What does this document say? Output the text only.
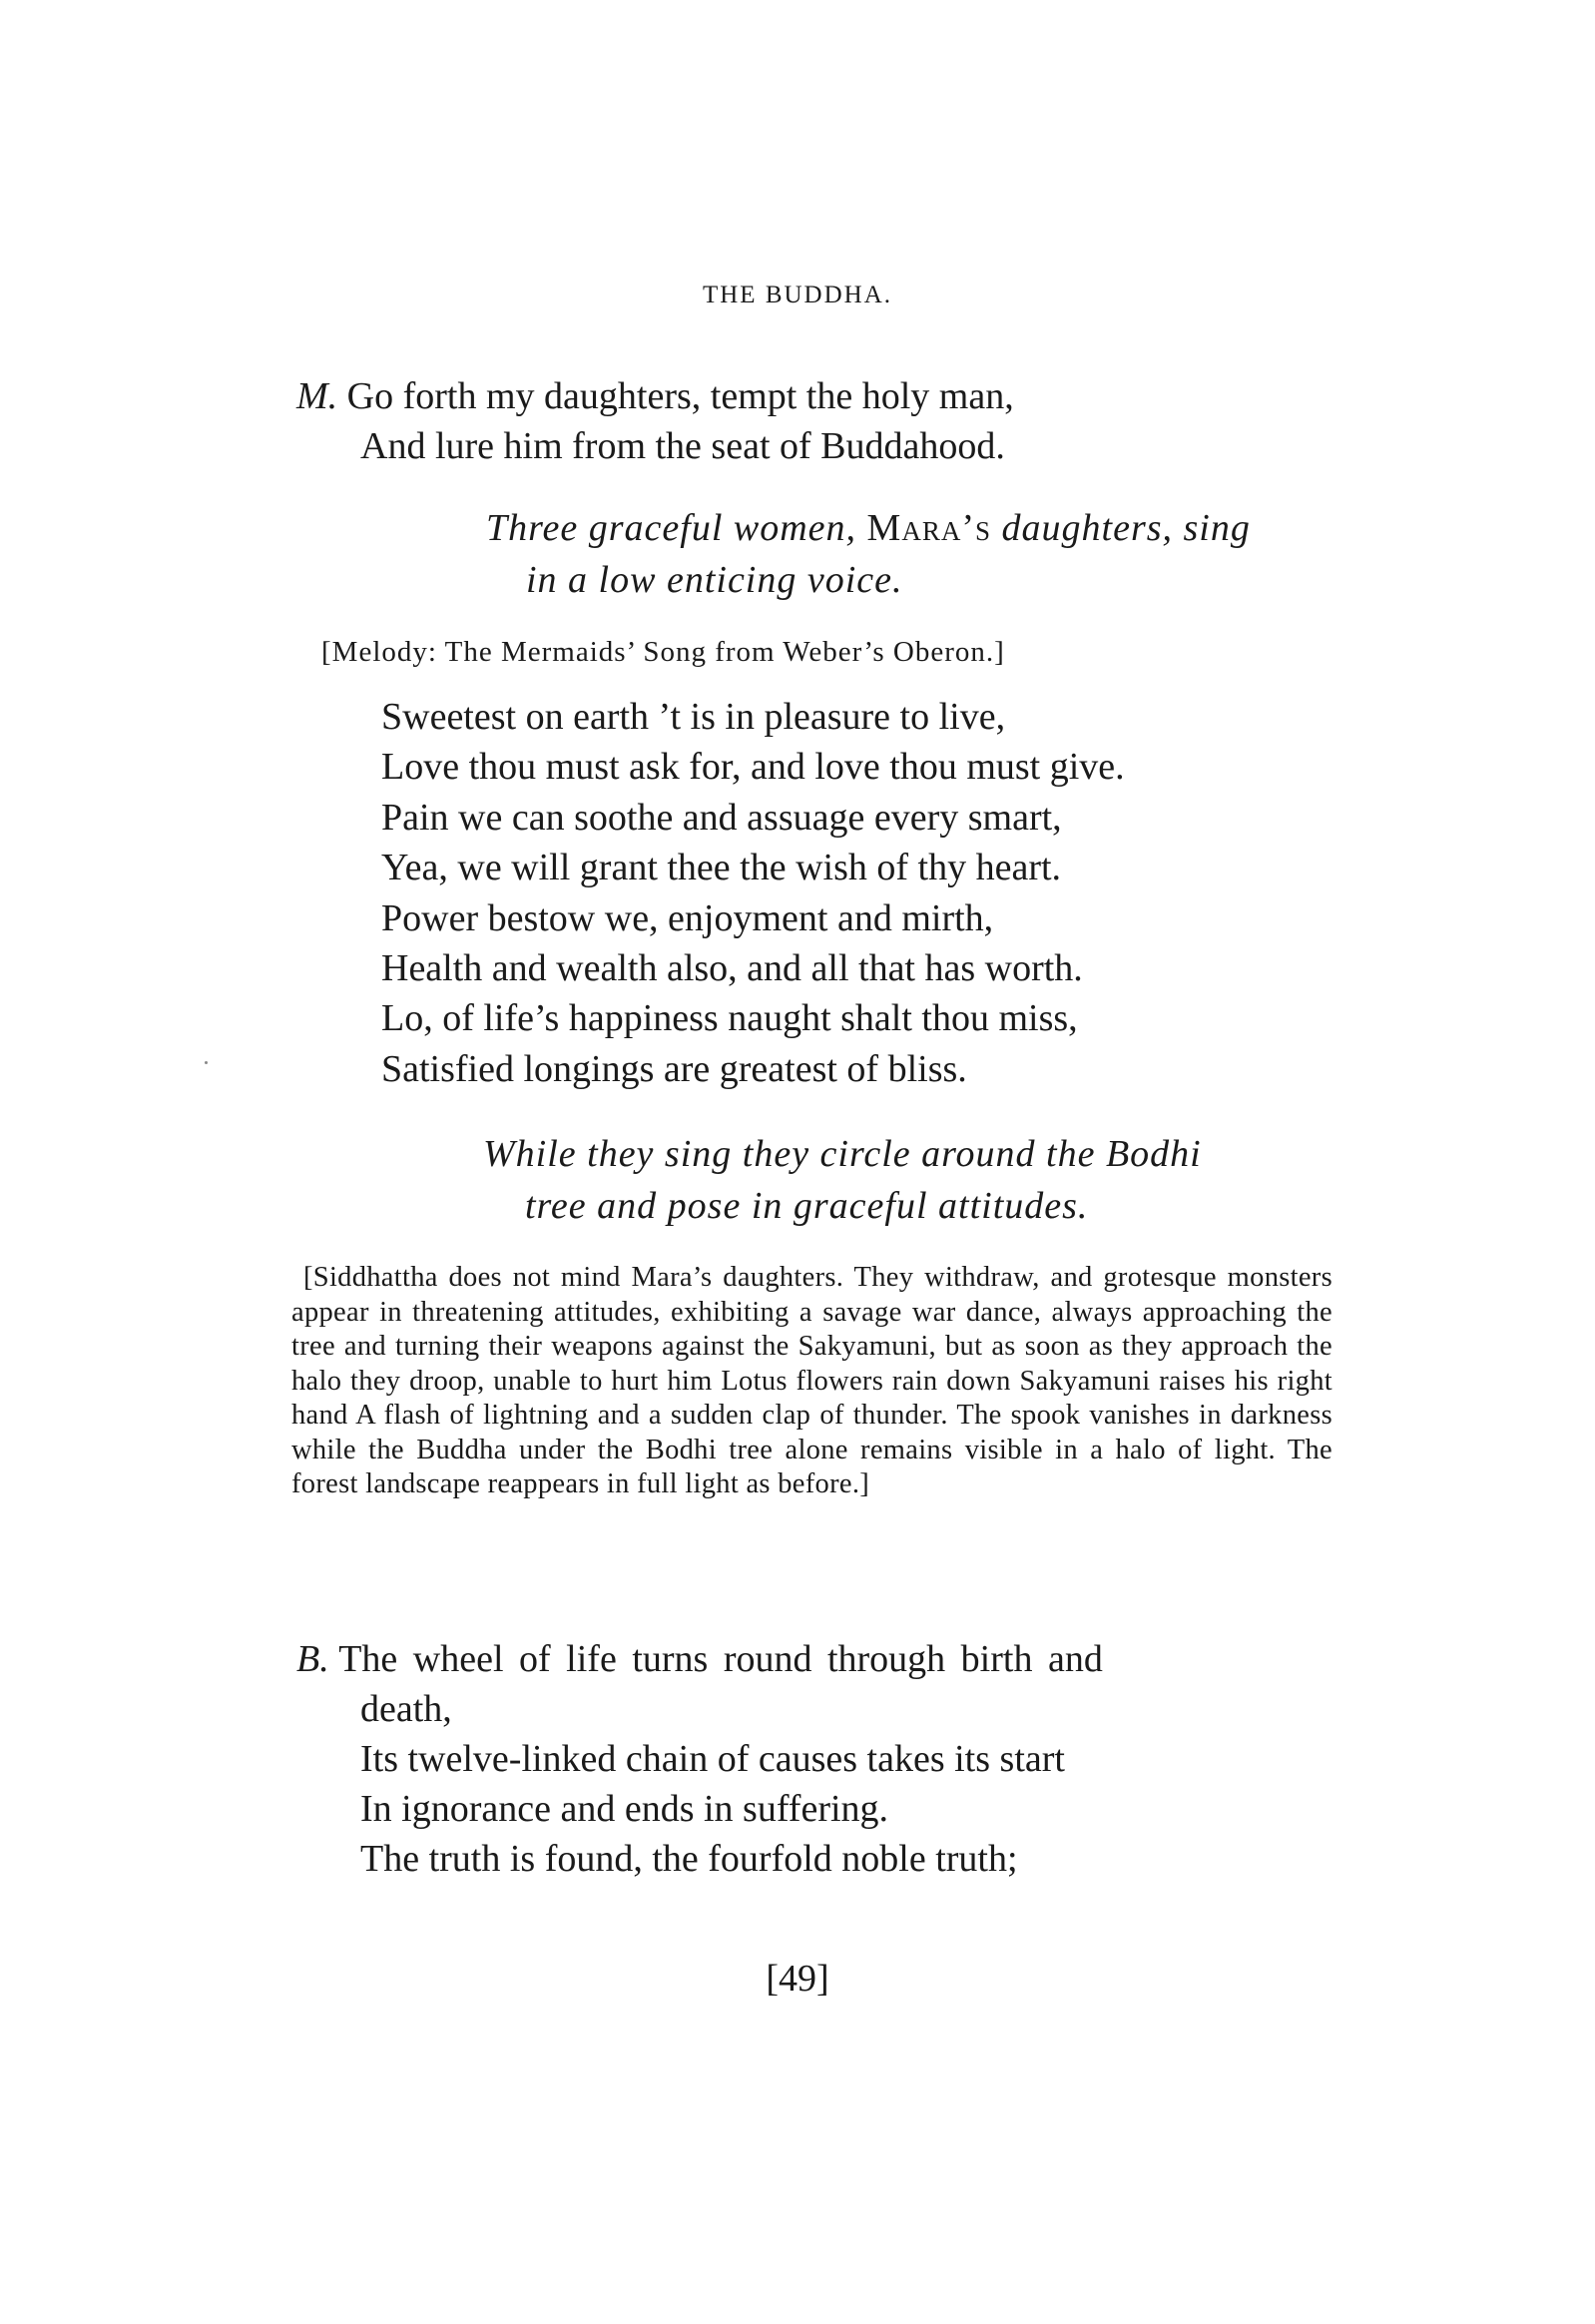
THE BUDDHA.
M. Go forth my daughters, tempt the holy man,
And lure him from the seat of Buddahood.
Three graceful women, Mara’s daughters, sing
in a low enticing voice.
[Melody: The Mermaids’ Song from Weber’s Oberon.]
Sweetest on earth ’t is in pleasure to live,
Love thou must ask for, and love thou must give.
Pain we can soothe and assuage every smart,
Yea, we will grant thee the wish of thy heart.
Power bestow we, enjoyment and mirth,
Health and wealth also, and all that has worth.
Lo, of life’s happiness naught shalt thou miss,
Satisfied longings are greatest of bliss.
While they sing they circle around the Bodhi
tree and pose in graceful attitudes.
[Siddhattha does not mind Mara’s daughters. They withdraw, and grotesque monsters appear in threatening attitudes, exhibiting a savage war dance, always approaching the tree and turning their weapons against the Sakyamuni, but as soon as they approach the halo they droop, unable to hurt him Lotus flowers rain down Sakyamuni raises his right hand A flash of lightning and a sudden clap of thunder. The spook vanishes in darkness while the Buddha under the Bodhi tree alone remains visible in a halo of light. The forest landscape reappears in full light as before.]
B. The wheel of life turns round through birth and
death,
Its twelve-linked chain of causes takes its start
In ignorance and ends in suffering.
The truth is found, the fourfold noble truth;
[49]
